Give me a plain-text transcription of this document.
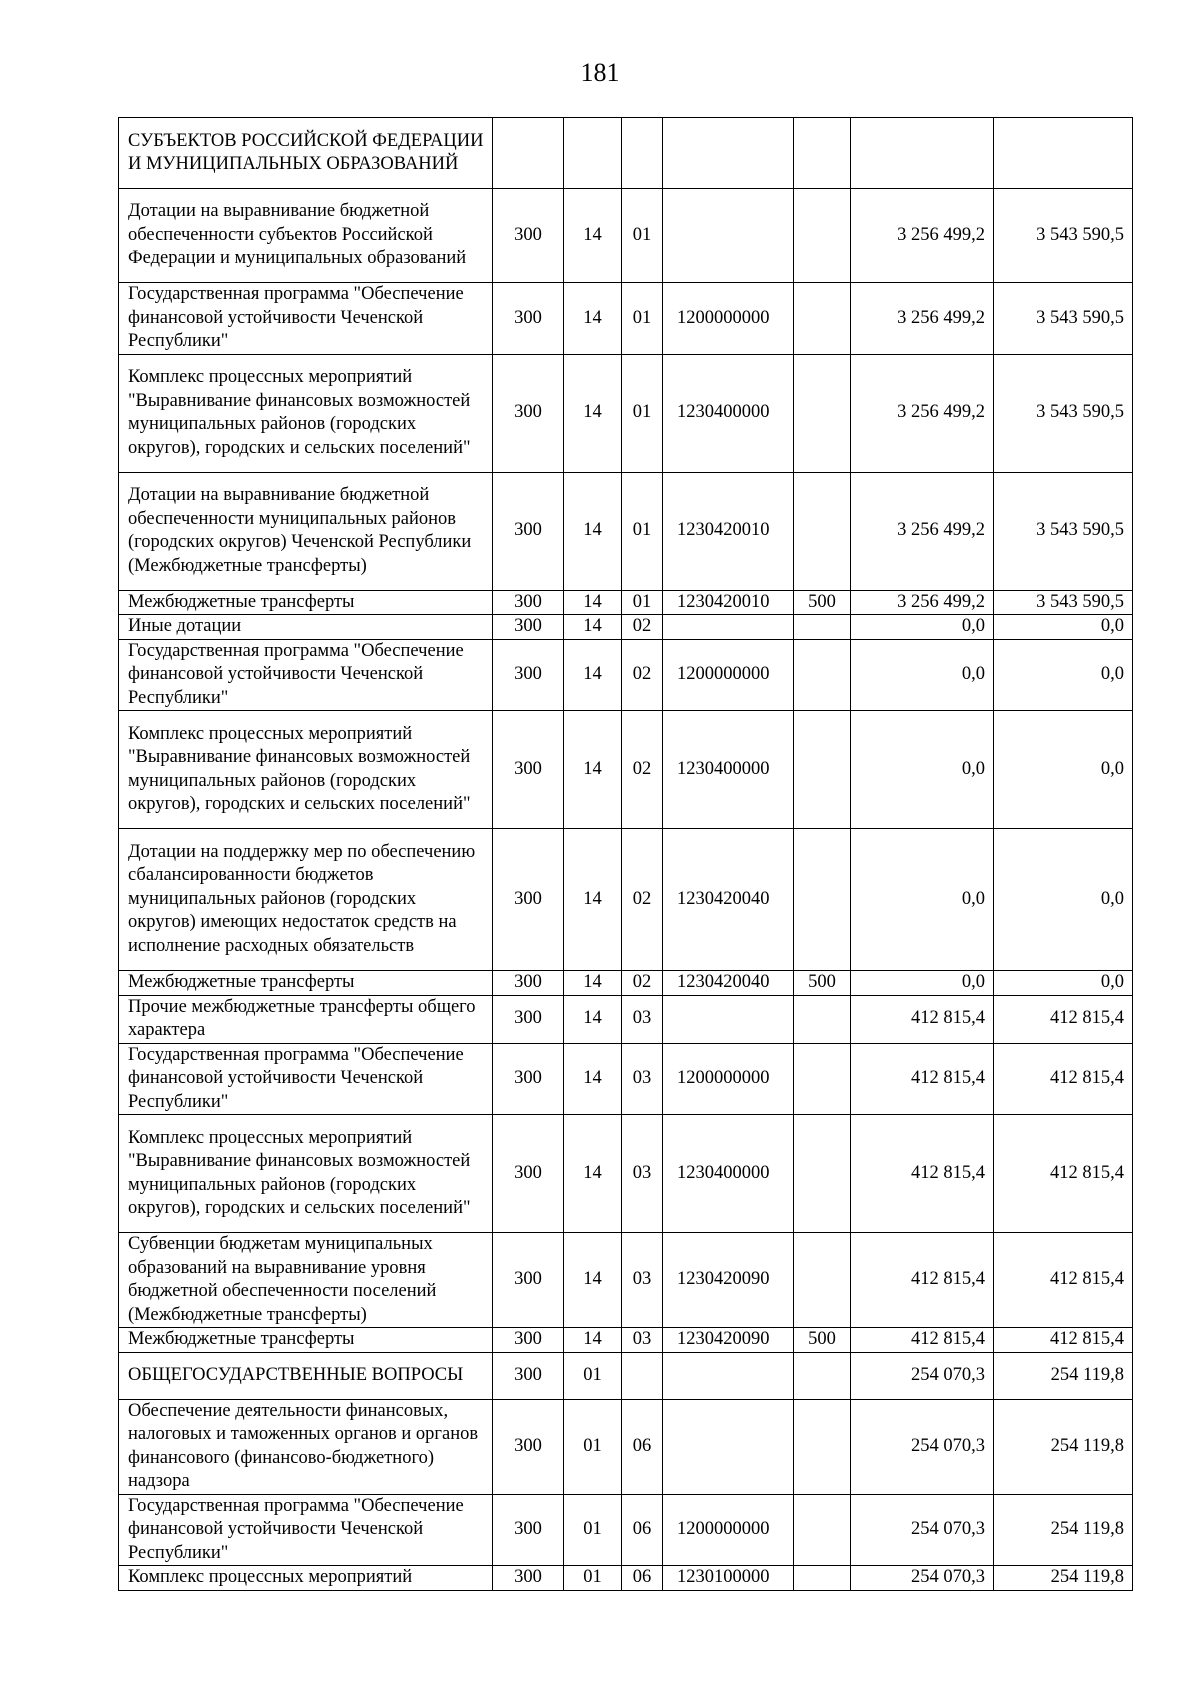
181
СУБЪЕКТОВ РОССИЙСКОЙ ФЕДЕРАЦИИ И МУНИЦИПАЛЬНЫХ ОБРАЗОВАНИЙ							
Дотации на выравнивание бюджетной обеспеченности субъектов Российской Федерации и муниципальных образований	300	14	01			3 256 499,2	3 543 590,5
Государственная программа "Обеспечение финансовой устойчивости Чеченской Республики"	300	14	01	1200000000		3 256 499,2	3 543 590,5
Комплекс процессных мероприятий "Выравнивание финансовых возможностей муниципальных районов (городских округов), городских и сельских поселений"	300	14	01	1230400000		3 256 499,2	3 543 590,5
Дотации на выравнивание бюджетной обеспеченности муниципальных районов (городских округов) Чеченской Республики (Межбюджетные трансферты)	300	14	01	1230420010		3 256 499,2	3 543 590,5
Межбюджетные трансферты	300	14	01	1230420010	500	3 256 499,2	3 543 590,5
Иные дотации	300	14	02			0,0	0,0
Государственная программа "Обеспечение финансовой устойчивости Чеченской Республики"	300	14	02	1200000000		0,0	0,0
Комплекс процессных мероприятий "Выравнивание финансовых возможностей муниципальных районов (городских округов), городских и сельских поселений"	300	14	02	1230400000		0,0	0,0
Дотации на поддержку мер по обеспечению сбалансированности бюджетов муниципальных районов (городских округов) имеющих недостаток средств на исполнение расходных обязательств	300	14	02	1230420040		0,0	0,0
Межбюджетные трансферты	300	14	02	1230420040	500	0,0	0,0
Прочие межбюджетные трансферты общего характера	300	14	03			412 815,4	412 815,4
Государственная программа "Обеспечение финансовой устойчивости Чеченской Республики"	300	14	03	1200000000		412 815,4	412 815,4
Комплекс процессных мероприятий "Выравнивание финансовых возможностей муниципальных районов (городских округов), городских и сельских поселений"	300	14	03	1230400000		412 815,4	412 815,4
Субвенции бюджетам муниципальных образований на выравнивание уровня бюджетной обеспеченности поселений (Межбюджетные трансферты)	300	14	03	1230420090		412 815,4	412 815,4
Межбюджетные трансферты	300	14	03	1230420090	500	412 815,4	412 815,4
ОБЩЕГОСУДАРСТВЕННЫЕ ВОПРОСЫ	300	01				254 070,3	254 119,8
Обеспечение деятельности финансовых, налоговых и таможенных органов и органов финансового (финансово-бюджетного) надзора	300	01	06			254 070,3	254 119,8
Государственная программа "Обеспечение финансовой устойчивости Чеченской Республики"	300	01	06	1200000000		254 070,3	254 119,8
Комплекс процессных мероприятий	300	01	06	1230100000		254 070,3	254 119,8
